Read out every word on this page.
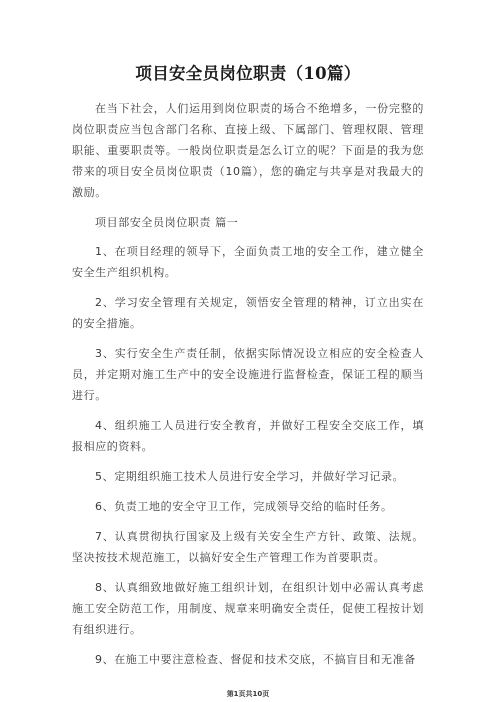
项目安全员岗位职责（10篇）

在当下社会，人们运用到岗位职责的场合不绝增多，一份完整的岗位职责应当包含部门名称、直接上级、下属部门、管理权限、管理职能、重要职责等。一般岗位职责是怎么订立的呢？下面是的我为您带来的项目安全员岗位职责（10篇），您的确定与共享是对我最大的激励。

项目部安全员岗位职责 篇一

1、在项目经理的领导下，全面负责工地的安全工作，建立健全安全生产组织机构。

2、学习安全管理有关规定，领悟安全管理的精神，订立出实在的安全措施。

3、实行安全生产责任制，依据实际情况设立相应的安全检查人员，并定期对施工生产中的安全设施进行监督检查，保证工程的顺当进行。

4、组织施工人员进行安全教育，并做好工程安全交底工作，填报相应的资料。

5、定期组织施工技术人员进行安全学习，并做好学习记录。

6、负责工地的安全守卫工作，完成领导交给的临时任务。

7、认真贯彻执行国家及上级有关安全生产方针、政策、法规。坚决按技术规范施工，以搞好安全生产管理工作为首要职责。

8、认真细致地做好施工组织计划，在组织计划中必需认真考虑施工安全防范工作，用制度、规章来明确安全责任，促使工程按计划有组织进行。

9、在施工中要注意检查、督促和技术交底，不搞盲目和无准备

第1页共10页
